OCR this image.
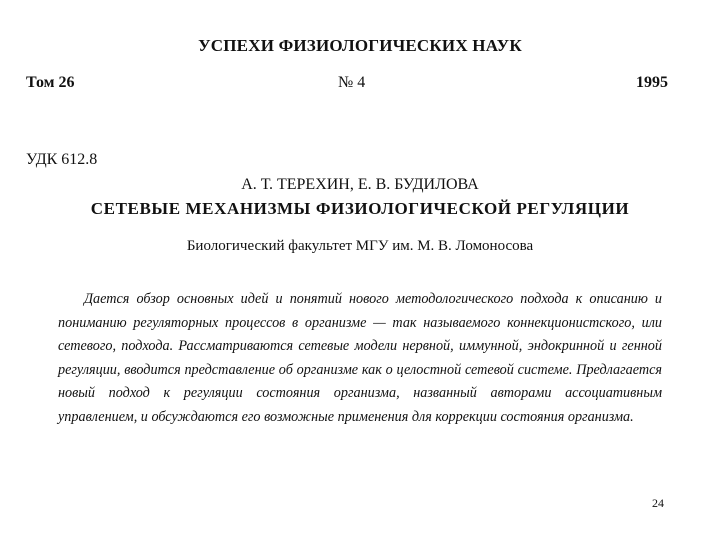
УСПЕХИ ФИЗИОЛОГИЧЕСКИХ НАУК
Том 26	№ 4	1995
УДК 612.8
А. Т. ТЕРЕХИН, Е. В. БУДИЛОВА
СЕТЕВЫЕ МЕХАНИЗМЫ ФИЗИОЛОГИЧЕСКОЙ РЕГУЛЯЦИИ
Биологический факультет МГУ им. М. В. Ломоносова

Дается обзор основных идей и понятий нового методологического подхода к описанию и пониманию регуляторных процессов в организме — так называемого коннекционистского, или сетевого, подхода. Рассматриваются сетевые модели нервной, иммунной, эндокринной и генной регуляции, вводится представление об организме как о целостной сетевой системе. Предлагается новый подход к регуляции состояния организма, названный авторами ассоциативным управлением, и обсуждаются его возможные применения для коррекции состояния организма.

24
